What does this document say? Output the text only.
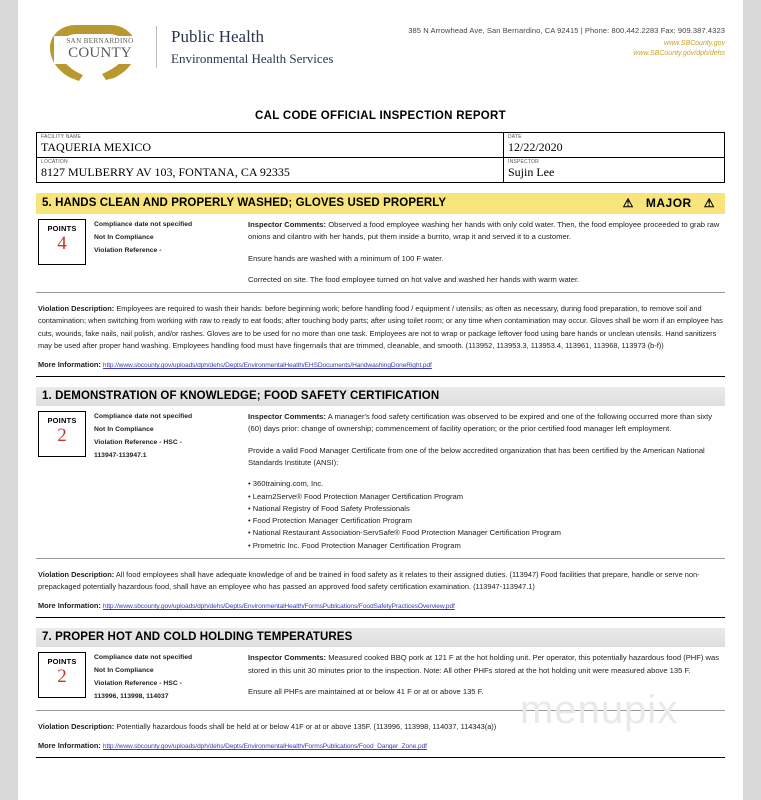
SAN BERNARDINO
COUNTY
Public Health
Environmental Health Services
385 N Arrowhead Ave, San Bernardino, CA 92415 | Phone: 800.442.2283 Fax: 909.387.4323
www.SBCounty.gov
www.SBCounty.gov/dph/dehs
CAL CODE OFFICIAL INSPECTION REPORT
FACILITY NAME
TAQUERIA MEXICO
DATE
12/22/2020
LOCATION
8127 MULBERRY AV 103, FONTANA, CA 92335
INSPECTOR
Sujin Lee
5. HANDS CLEAN AND PROPERLY WASHED; GLOVES USED PROPERLY	⚠ MAJOR ⚠
POINTS
4
Compliance date not specified
Not In Compliance
Violation Reference -

Inspector Comments: Observed a food employee washing her hands with only cold water. Then, the food employee proceeded to grab raw onions and cilantro with her hands, put them inside a burrito, wrap it and served it to a customer.

Ensure hands are washed with a minimum of 100 F water.

Corrected on site. The food employee turned on hot valve and washed her hands with warm water.

Violation Description: Employees are required to wash their hands: before beginning work; before handling food / equipment / utensils; as often as necessary, during food preparation, to remove soil and contamination; when switching from working with raw to ready to eat foods; after touching body parts; after using toilet room; or any time when contamination may occur. Gloves shall be worn if an employee has cuts, wounds, fake nails, nail polish, and/or rashes. Gloves are to be used for no more than one task. Employees are not to wrap or package leftover food using bare hands or unclean utensils. Hand sanitizers may be used after proper hand washing. Employees handling food must have fingernails that are trimmed, cleanable, and smooth. (113952, 113953.3, 113953.4, 113961, 113968, 113973 (b-f))
More Information: http://www.sbcounty.gov/uploads/dph/dehs/Depts/EnvironmentalHealth/EHSDocuments/HandwashingDoneRight.pdf
1. DEMONSTRATION OF KNOWLEDGE; FOOD SAFETY CERTIFICATION
POINTS
2
Compliance date not specified
Not In Compliance
Violation Reference - HSC -
113947-113947.1

Inspector Comments: A manager's food safety certification was observed to be expired and one of the following occurred more than sixty (60) days prior: change of ownership; commencement of facility operation; or the prior certified food manager left employment.

Provide a valid Food Manager Certificate from one of the below accredited organization that has been certified by the American National Standards Institute (ANSI):

• 360training.com, Inc.
• Learn2Serve® Food Protection Manager Certification Program
• National Registry of Food Safety Professionals
• Food Protection Manager Certification Program
• National Restaurant Association-ServSafe® Food Protection Manager Certification Program
• Prometric Inc. Food Protection Manager Certification Program
Violation Description: All food employees shall have adequate knowledge of and be trained in food safety as it relates to their assigned duties. (113947) Food facilities that prepare, handle or serve non-prepackaged potentially hazardous food, shall have an employee who has passed an approved food safety certification examination. (113947-113947.1)
More Information: http://www.sbcounty.gov/uploads/dph/dehs/Depts/EnvironmentalHealth/FormsPublications/FoodSafetyPracticesOverview.pdf
7. PROPER HOT AND COLD HOLDING TEMPERATURES
POINTS
2
Compliance date not specified
Not In Compliance
Violation Reference - HSC -
113996, 113998, 114037

Inspector Comments: Measured cooked BBQ pork at 121 F at the hot holding unit. Per operator, this potentially hazardous food (PHF) was stored in this unit 30 minutes prior to the inspection. Note: All other PHFs stored at the hot holding unit were measured above 135 F.

Ensure all PHFs are maintained at or below 41 F or at or above 135 F.

Violation Description: Potentially hazardous foods shall be held at or below 41F or at or above 135F. (113996, 113998, 114037, 114343(a))
More Information: http://www.sbcounty.gov/uploads/dph/dehs/Depts/EnvironmentalHealth/FormsPublications/Food_Danger_Zone.pdf
menupix
